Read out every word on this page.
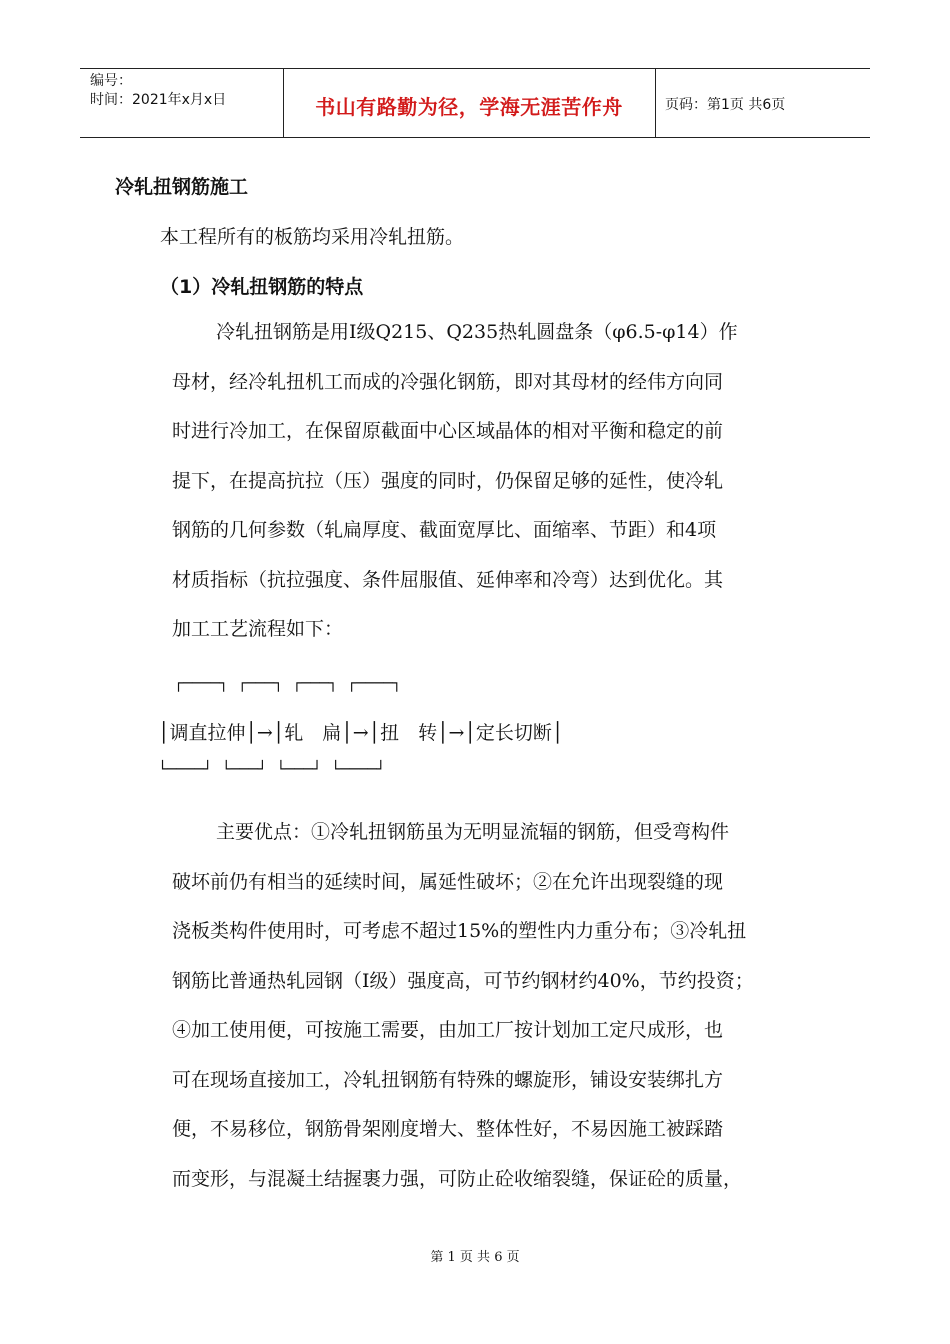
编号：
时间：2021年x月x日	书山有路勤为径，学海无涯苦作舟	页码：第1页 共6页
冷轧扭钢筋施工
本工程所有的板筋均采用冷轧扭筋。
（1）冷轧扭钢筋的特点
冷轧扭钢筋是用Ⅰ级Q215、Q235热轧圆盘条（φ6.5-φ14）作
母材，经冷轧扭机工而成的冷强化钢筋，即对其母材的经伟方向同
时进行冷加工，在保留原截面中心区域晶体的相对平衡和稳定的前
提下，在提高抗拉（压）强度的同时，仍保留足够的延性，使冷轧
钢筋的几何参数（轧扁厚度、截面宽厚比、面缩率、节距）和4项
材质指标（抗拉强度、条件屈服值、延伸率和冷弯）达到优化。其
加工工艺流程如下：
┌────┐  ┌───┐  ┌───┐  ┌────┐
│调直拉伸│→│轧　扁│→│扭　转│→│定长切断│
└────┘  └───┘  └───┘  └────┘
主要优点：①冷轧扭钢筋虽为无明显流辐的钢筋，但受弯构件
破坏前仍有相当的延续时间，属延性破坏；②在允许出现裂缝的现
浇板类构件使用时，可考虑不超过15%的塑性内力重分布；③冷轧扭
钢筋比普通热轧园钢（Ⅰ级）强度高，可节约钢材约40%，节约投资；
④加工使用便，可按施工需要，由加工厂按计划加工定尺成形，也
可在现场直接加工，冷轧扭钢筋有特殊的螺旋形，铺设安装绑扎方
便，不易移位，钢筋骨架刚度增大、整体性好，不易因施工被踩踏
而变形，与混凝土结握裹力强，可防止砼收缩裂缝，保证砼的质量，
第 1 页 共 6 页
